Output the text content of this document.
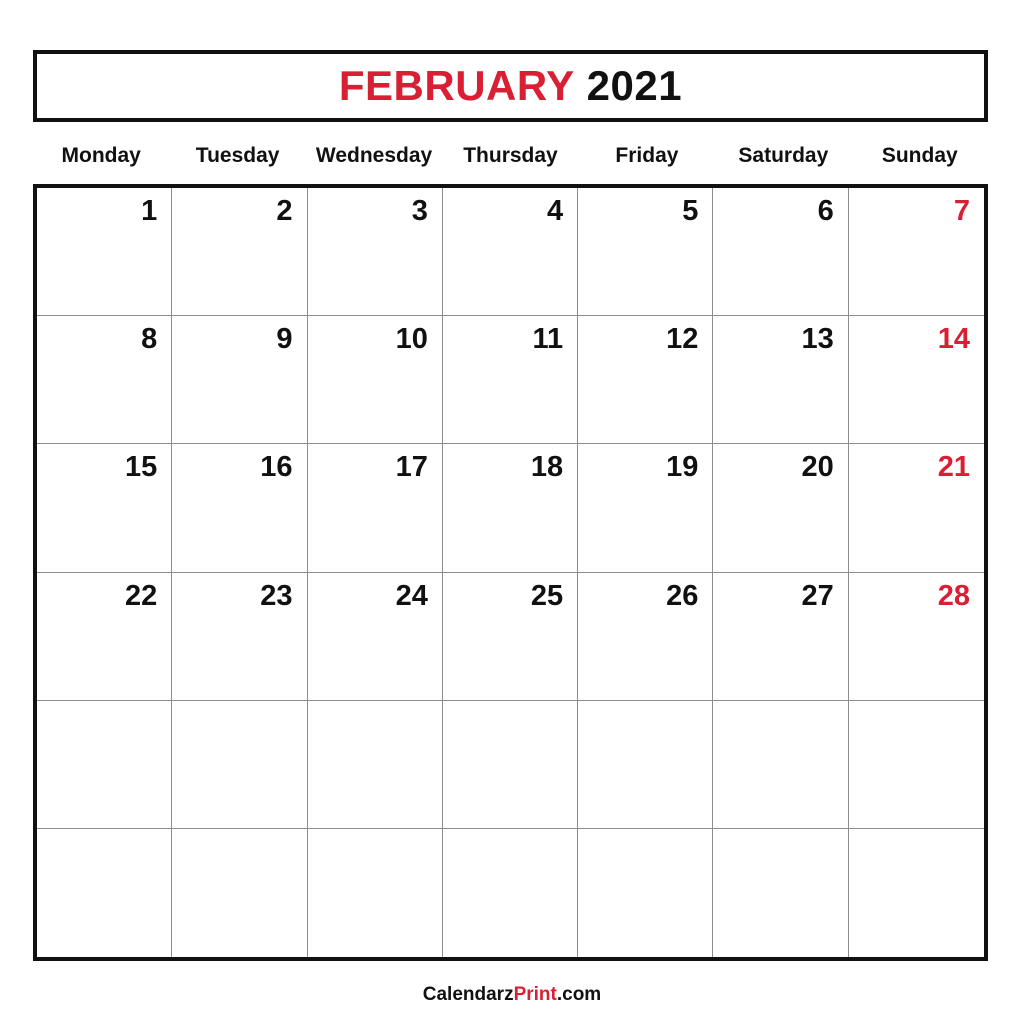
FEBRUARY 2021
Monday	Tuesday	Wednesday	Thursday	Friday	Saturday	Sunday
1	2	3	4	5	6	7
8	9	10	11	12	13	14
15	16	17	18	19	20	21
22	23	24	25	26	27	28
CalendarzPrint.com
